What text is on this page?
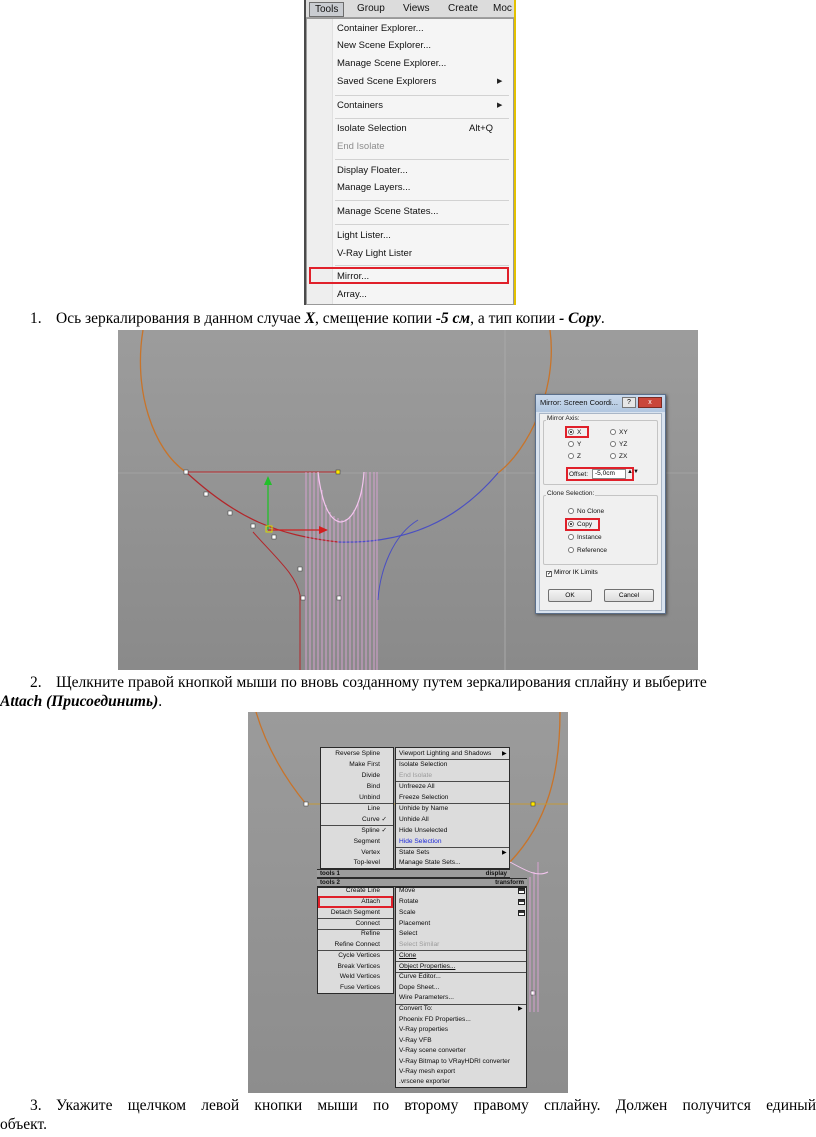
Tools	Group	Views	Create	Moc
Container Explorer...
New Scene Explorer...
Manage Scene Explorer...
Saved Scene Explorers	▶
Containers	▶
Isolate Selection	Alt+Q
End Isolate
Display Floater...
Manage Layers...
Manage Scene States...
Light Lister...
V-Ray Light Lister
Mirror...
Array...
1. Ось зеркалирования в данном случае X, смещение копии -5 см, а тип копии - Copy.
Mirror: Screen Coordi...	?	x
Mirror Axis:
X
Y
Z
XY
YZ
ZX
Offset:	-5,0cm	▲▼
Clone Selection:
No Clone
Copy
Instance
Reference
✓ Mirror IK Limits
OK	Cancel
2. Щелкните правой кнопкой мыши по вновь созданному путем зеркалирования сплайну и выберите
Attach (Присоединить).
Reverse Spline
Make First
Divide
Bind
Unbind
Line
Curve ✓
Spline ✓
Segment
Vertex
Top-level
Viewport Lighting and Shadows ▶
Isolate Selection
End Isolate
Unfreeze All
Freeze Selection
Unhide by Name
Unhide All
Hide Unselected
Hide Selection
State Sets	▶
Manage State Sets...
tools 1	display
tools 2	transform
Create Line
Attach
Detach Segment
Connect
Refine
Refine Connect
Cycle Vertices
Break Vertices
Weld Vertices
Fuse Vertices
Move
Rotate
Scale
Placement
Select
Select Similar
Clone
Object Properties...
Curve Editor...
Dope Sheet...
Wire Parameters...
Convert To:	▶
Phoenix FD Properties...
V-Ray properties
V-Ray VFB
V-Ray scene converter
V-Ray Bitmap to VRayHDRI converter
V-Ray mesh export
.vrscene exporter
3. Укажите щелчком левой кнопки мыши по второму правому сплайну. Должен получится единый
объект.
